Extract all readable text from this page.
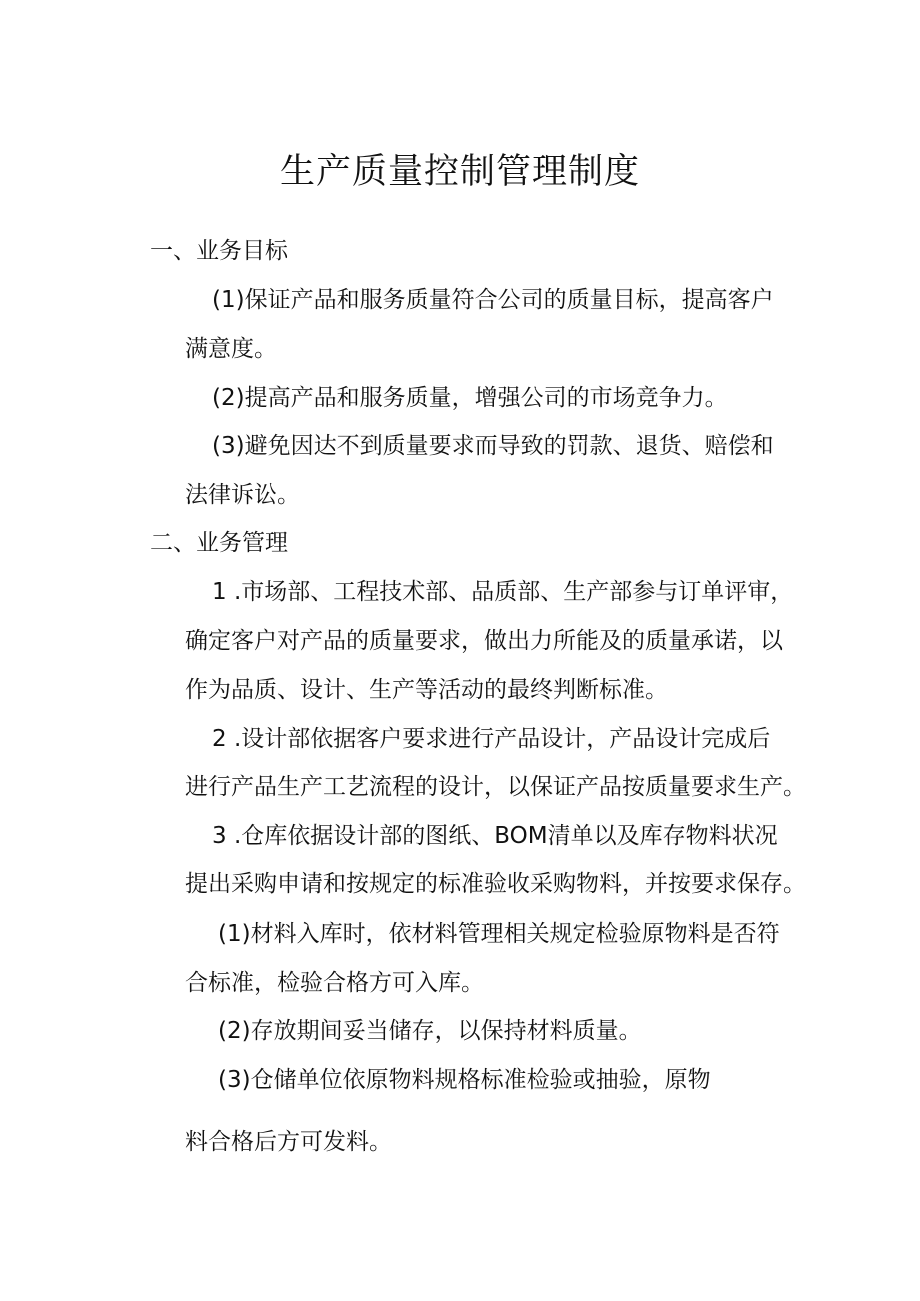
生产质量控制管理制度
一、业务目标
(1)保证产品和服务质量符合公司的质量目标，提高客户
满意度。
(2)提高产品和服务质量，增强公司的市场竞争力。
(3)避免因达不到质量要求而导致的罚款、退货、赔偿和
法律诉讼。
二、业务管理
1 .市场部、工程技术部、品质部、生产部参与订单评审，
确定客户对产品的质量要求，做出力所能及的质量承诺，以
作为品质、设计、生产等活动的最终判断标准。
2 .设计部依据客户要求进行产品设计，产品设计完成后
进行产品生产工艺流程的设计，以保证产品按质量要求生产。
3 .仓库依据设计部的图纸、BOM清单以及库存物料状况
提出采购申请和按规定的标准验收采购物料，并按要求保存。
(1)材料入库时，依材料管理相关规定检验原物料是否符
合标准，检验合格方可入库。
(2)存放期间妥当储存，以保持材料质量。
(3)仓储单位依原物料规格标准检验或抽验，原物
料合格后方可发料。
